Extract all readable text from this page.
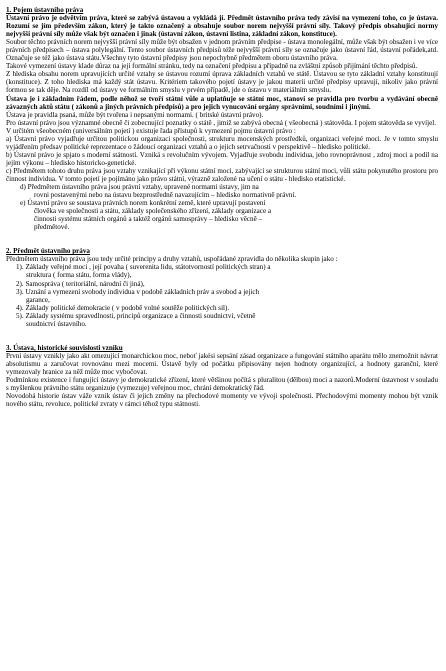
1. Pojem ústavního práva

Ústavní právo je odvětvím práva, které se zabývá ústavou a vykládá jí. Předmět ústavního práva tedy závisí na vymezení toho, co je ústava. Rozumí se jím především zákon, který je takto označený a obsahuje soubor norem nejvyšší právní síly. Takový předpis obsahující normy nejvyšší právní síly může však být označen i jinak (ústavní zákon, ústavní listina, základní zákon, konstituce).

Soubor těchto právních norem nejvyšší právní síly může být obsažen v jednom právním předpise - ústava monolegální, může však být obsažen i ve více právních předpisech – ústava polylegální. Tento soubor ústavních předpisů téže nejvyšší právní síly se označuje jako ústavní řád, ústavní pořádek,atd. Označuje se též jako ústava státu.Všechny tyto ústavní předpisy jsou nepochybně předmětem oboru ústavního práva.

Takové vymezení ústavy klade důraz na její formální stránku, tedy na označení předpisu a případně na zvláštní způsob přijímání těchto předpisů.

Z hlediska obsahu norem upravujících určité vztahy se ústavou rozumí úprava základních vztahů ve státě. Ústavou se tyto základní vztahy konstituují (konstituce). Z toho hlediska má každý stát ústavu. Kritériem takového pojetí ústavy je jakou materii určité předpisy upravují, nikoliv jako právní formou se tak děje. Na rozdíl od ústavy ve formálním smyslu v prvém případě, jde o ústavu v materiálním smyslu.

Ústava je i základním řádem, podle něhož se tvoří státní vůle a uplatňuje se státní moc, stanoví se pravidla pro tvorbu a vydávání obecně závazných aktů státu ( zákonů a jiných právních předpisů) a pro jejich vynucování orgány správními, soudními i jinými.

Ústava je pravidla psaná, může být tvořena i nepsanými normami. ( britské ústavní právo).

Pro ústavní právo jsou významné obecně či zobecnující poznatky o státě , jimiž se zabývá obecná ( všeobecná ) státověda. I pojem státověda se vyvíjel.

V určitém všeobecném (universálním pojetí ) existuje řada přístupů k vymezení pojmu ústavní právo :

a) Ústavní právo vyjadřuje určitou politickou organizaci společnosti, strukturu mocenských prostředků, organizaci veřejné moci. Je v tomto smyslu vyjádřením předsav politické reprezentace o žádoucí organizaci vztahů a o jejich setrvačnosti v perspektivě – hledisko politické.
b) Ústavní právo je spjato s moderní státností. Vzniká s revolučním vývojem. Vyjadřuje svobodu individua, jeho rovnoprávnost , zdroj moci a podíl na jejím výkonu – hledisko historicko-genetické.
c) Předmětem tohoto druhu práva jsou vztahy vznikající při výkonu státní moci, zabývající se strukturou státní moci, vůli státu pokynutého prostoru pro činnost individua. V tomto pojetí je pojímáno jako právo státní, výrazně založené na učení o státu - hledisko etatistické.
d) Předmětem ústavního práva jsou právní vztahy, upravené normami ústavy, jim na
rovni postavenými nebo na ústavu bezprostředně navazujícím – hledisko normativně právní.
e) Ústavní právo se soustava právních norem konkrétní země, které upravují postavení
člověka ve společnosti a státu, základy společenského zřízení, základy organizace a
činnosti systému státních orgánů a taktéž orgánů samosprávy – hledisko věcně –
předmětové.
2. Předmět ústavního práva

Předmětem ústavního práva jsou tedy určité principy a druhy vztahů, uspořádané zpravidla do několika skupin jako :

1). Základy veřejné moci , její povaha ( suverenita lidu, státotvorností politických stran) a
struktura ( forma státu, forma vlády),
2). Samospráva ( teritoriální, národní či jiná),
3). Uznání a vymezení svobody individua v podobě základních práv a svobod a jejich
garance,
4). Základy politické demokracie ( v podobě volné soutěže politických sil).
5). Základy systému spravedlnosti, principů organizace a činnosti soudnictví, včetně
soudnictví ústavního.
3. Ústava, historické souvislosti vzniku

První ústavy vznikly jako akt omezující monarchickou moc, neboť jakési sepsání zásad organizace a fungování státního aparátu mělo znemožnit návrat absolutismu a zaručovat rovnovánu mezi mocemi. Ústavě byly od počátku připisovány nejen hodnoty organizující, a hodnoty garanční, které vymezovaly hranice za něž může moc vybočovat.

Podmínkou existence i fungující ústavy je demokratické zřízení, které většinou počítá s pluralitou (dělbou) moci a nazorů.Moderní ústavnost v souladu s myšlenkou právního státu organizuje (vymezuje) veřejnou moc, chrání demokratický řád.

Novodobá historie ústav váže vznik ústav či jejich změny na přechodové momenty ve vývoji společnosti. Přechodovými momenty mohou být vznik nového státu, revoluce, politické zvraty v rámci téhož typu státnosti.
